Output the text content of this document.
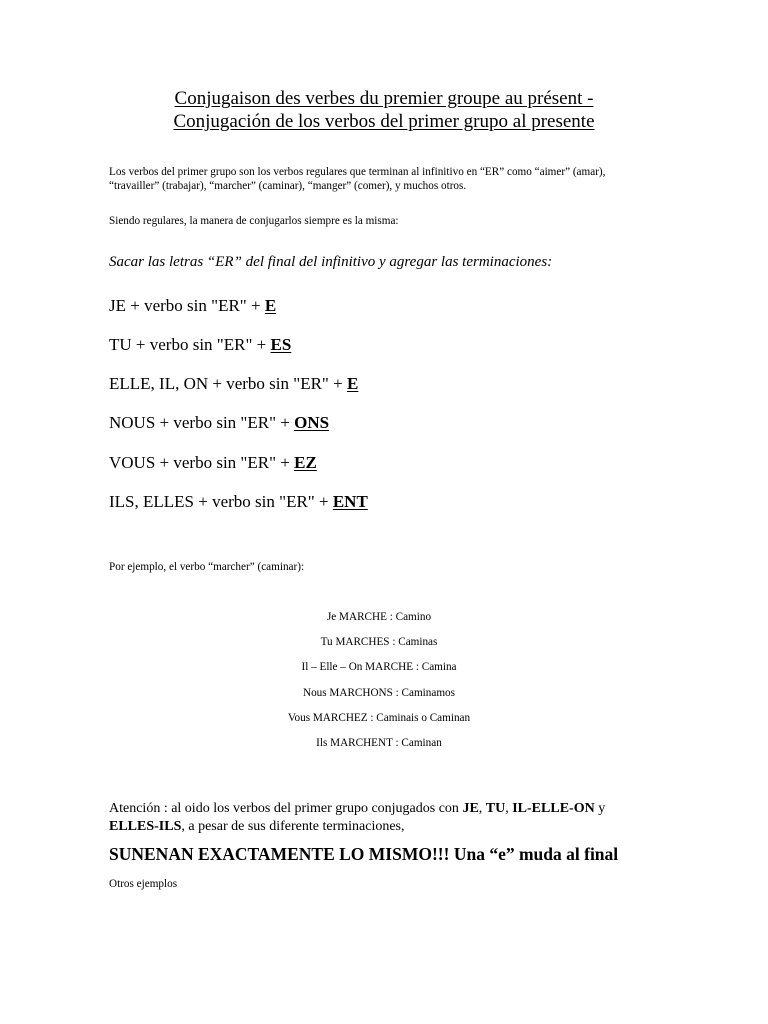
Conjugaison des verbes du premier groupe au présent -
Conjugación de los verbos del primer grupo al presente
Los verbos del primer grupo son los verbos regulares que terminan al infinitivo en “ER” como “aimer” (amar), “travailler” (trabajar), “marcher” (caminar), “manger” (comer), y muchos otros.
Siendo regulares, la manera de conjugarlos siempre es la misma:
Sacar las letras “ER” del final del infinitivo y agregar las terminaciones:
JE + verbo sin "ER" + E
TU + verbo sin "ER" + ES
ELLE, IL, ON + verbo sin "ER" + E
NOUS + verbo sin "ER" + ONS
VOUS + verbo sin "ER" + EZ
ILS, ELLES + verbo sin "ER" + ENT
Por ejemplo, el verbo “marcher” (caminar):
Je MARCHE : Camino
Tu MARCHES : Caminas
Il – Elle – On MARCHE : Camina
Nous MARCHONS : Caminamos
Vous MARCHEZ : Caminais o Caminan
Ils MARCHENT : Caminan
Atención : al oido los verbos del primer grupo conjugados con JE, TU, IL-ELLE-ON y ELLES-ILS, a pesar de sus diferente terminaciones,
SUNENAN EXACTAMENTE LO MISMO!!! Una “e” muda al final
Otros ejemplos
